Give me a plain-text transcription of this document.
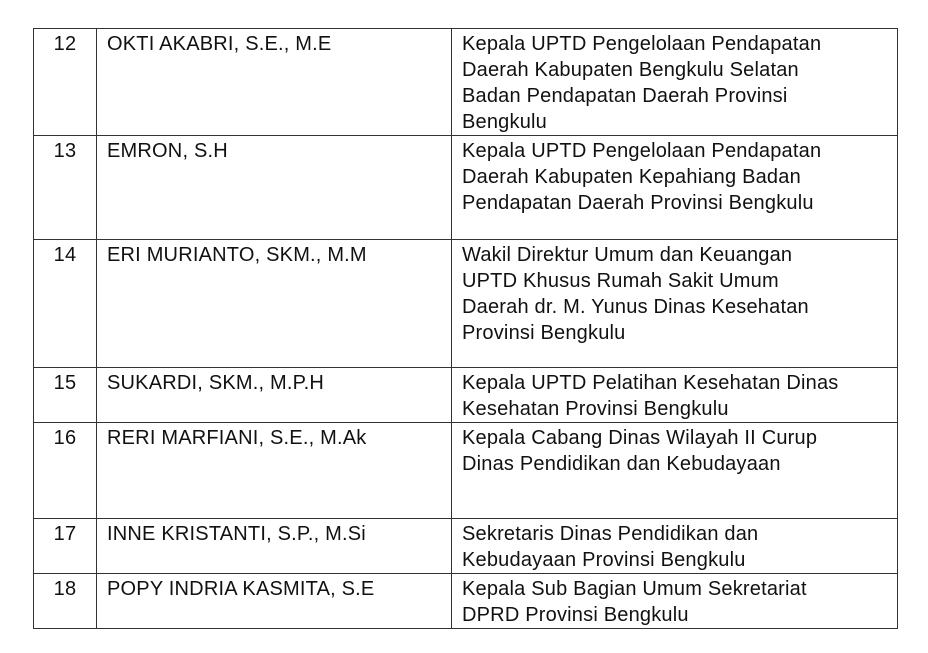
12	OKTI AKABRI, S.E., M.E	Kepala UPTD Pengelolaan Pendapatan
Daerah Kabupaten Bengkulu Selatan
Badan Pendapatan Daerah Provinsi
Bengkulu

13	EMRON, S.H	Kepala UPTD Pengelolaan Pendapatan
Daerah Kabupaten Kepahiang Badan
Pendapatan Daerah Provinsi Bengkulu

14	ERI MURIANTO, SKM., M.M	Wakil Direktur Umum dan Keuangan
UPTD Khusus Rumah Sakit Umum
Daerah dr. M. Yunus Dinas Kesehatan
Provinsi Bengkulu

15	SUKARDI, SKM., M.P.H	Kepala UPTD Pelatihan Kesehatan Dinas
Kesehatan Provinsi Bengkulu

16	RERI MARFIANI, S.E., M.Ak	Kepala Cabang Dinas Wilayah II Curup
Dinas Pendidikan dan Kebudayaan

17	INNE KRISTANTI, S.P., M.Si	Sekretaris Dinas Pendidikan dan
Kebudayaan Provinsi Bengkulu

18	POPY INDRIA KASMITA, S.E	Kepala Sub Bagian Umum Sekretariat
DPRD Provinsi Bengkulu
